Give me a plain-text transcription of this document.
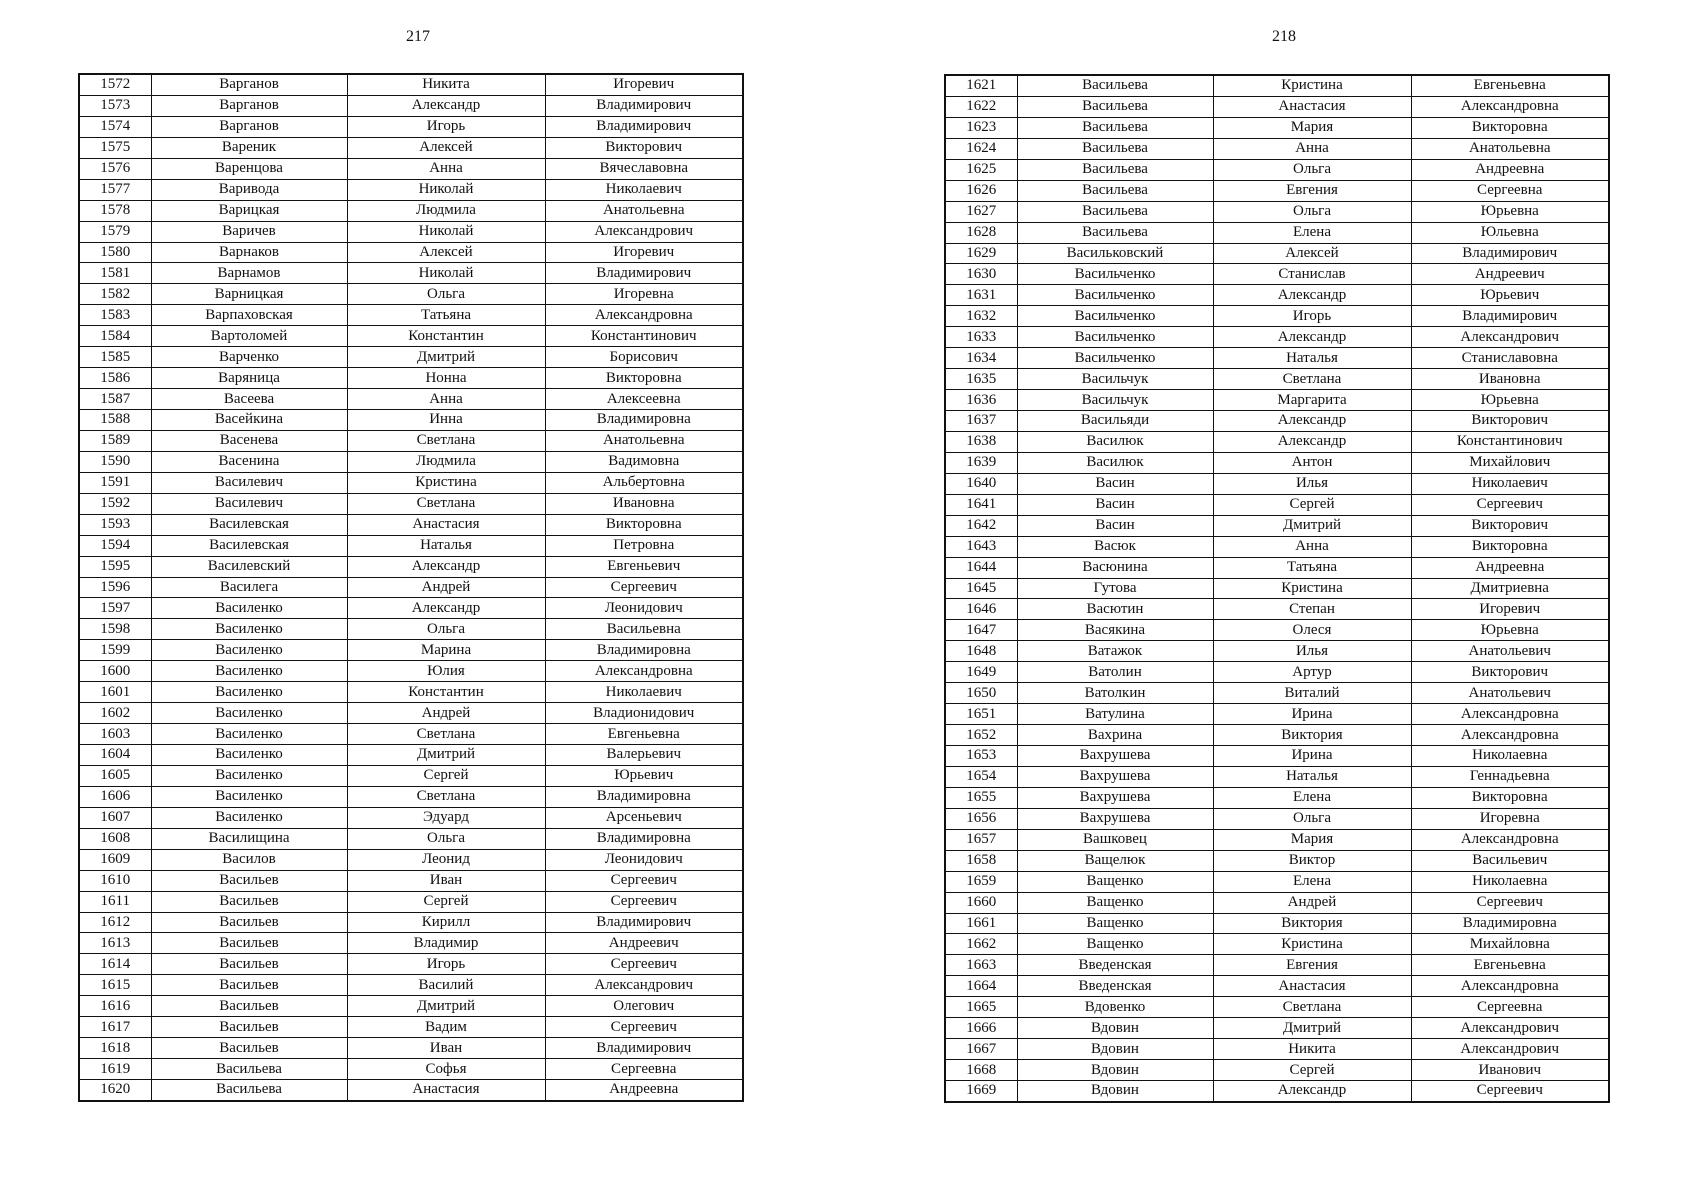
217
1572	Варганов	Никита	Игоревич
1573	Варганов	Александр	Владимирович
1574	Варганов	Игорь	Владимирович
1575	Вареник	Алексей	Викторович
1576	Варенцова	Анна	Вячеславовна
1577	Варивода	Николай	Николаевич
1578	Варицкая	Людмила	Анатольевна
1579	Варичев	Николай	Александрович
1580	Варнаков	Алексей	Игоревич
1581	Варнамов	Николай	Владимирович
1582	Варницкая	Ольга	Игоревна
1583	Варпаховская	Татьяна	Александровна
1584	Вартоломей	Константин	Константинович
1585	Варченко	Дмитрий	Борисович
1586	Варяница	Нонна	Викторовна
1587	Васеева	Анна	Алексеевна
1588	Васейкина	Инна	Владимировна
1589	Васенева	Светлана	Анатольевна
1590	Васенина	Людмила	Вадимовна
1591	Василевич	Кристина	Альбертовна
1592	Василевич	Светлана	Ивановна
1593	Василевская	Анастасия	Викторовна
1594	Василевская	Наталья	Петровна
1595	Василевский	Александр	Евгеньевич
1596	Василега	Андрей	Сергеевич
1597	Василенко	Александр	Леонидович
1598	Василенко	Ольга	Васильевна
1599	Василенко	Марина	Владимировна
1600	Василенко	Юлия	Александровна
1601	Василенко	Константин	Николаевич
1602	Василенко	Андрей	Владионидович
1603	Василенко	Светлана	Евгеньевна
1604	Василенко	Дмитрий	Валерьевич
1605	Василенко	Сергей	Юрьевич
1606	Василенко	Светлана	Владимировна
1607	Василенко	Эдуард	Арсеньевич
1608	Василищина	Ольга	Владимировна
1609	Василов	Леонид	Леонидович
1610	Васильев	Иван	Сергеевич
1611	Васильев	Сергей	Сергеевич
1612	Васильев	Кирилл	Владимирович
1613	Васильев	Владимир	Андреевич
1614	Васильев	Игорь	Сергеевич
1615	Васильев	Василий	Александрович
1616	Васильев	Дмитрий	Олегович
1617	Васильев	Вадим	Сергеевич
1618	Васильев	Иван	Владимирович
1619	Васильева	Софья	Сергеевна
1620	Васильева	Анастасия	Андреевна
218
1621	Васильева	Кристина	Евгеньевна
1622	Васильева	Анастасия	Александровна
1623	Васильева	Мария	Викторовна
1624	Васильева	Анна	Анатольевна
1625	Васильева	Ольга	Андреевна
1626	Васильева	Евгения	Сергеевна
1627	Васильева	Ольга	Юрьевна
1628	Васильева	Елена	Юльевна
1629	Васильковский	Алексей	Владимирович
1630	Васильченко	Станислав	Андреевич
1631	Васильченко	Александр	Юрьевич
1632	Васильченко	Игорь	Владимирович
1633	Васильченко	Александр	Александрович
1634	Васильченко	Наталья	Станиславовна
1635	Васильчук	Светлана	Ивановна
1636	Васильчук	Маргарита	Юрьевна
1637	Васильяди	Александр	Викторович
1638	Василюк	Александр	Константинович
1639	Василюк	Антон	Михайлович
1640	Васин	Илья	Николаевич
1641	Васин	Сергей	Сергеевич
1642	Васин	Дмитрий	Викторович
1643	Васюк	Анна	Викторовна
1644	Васюнина	Татьяна	Андреевна
1645	Гутова	Кристина	Дмитриевна
1646	Васютин	Степан	Игоревич
1647	Васякина	Олеся	Юрьевна
1648	Ватажок	Илья	Анатольевич
1649	Ватолин	Артур	Викторович
1650	Ватолкин	Виталий	Анатольевич
1651	Ватулина	Ирина	Александровна
1652	Вахрина	Виктория	Александровна
1653	Вахрушева	Ирина	Николаевна
1654	Вахрушева	Наталья	Геннадьевна
1655	Вахрушева	Елена	Викторовна
1656	Вахрушева	Ольга	Игоревна
1657	Вашковец	Мария	Александровна
1658	Ващелюк	Виктор	Васильевич
1659	Ващенко	Елена	Николаевна
1660	Ващенко	Андрей	Сергеевич
1661	Ващенко	Виктория	Владимировна
1662	Ващенко	Кристина	Михайловна
1663	Введенская	Евгения	Евгеньевна
1664	Введенская	Анастасия	Александровна
1665	Вдовенко	Светлана	Сергеевна
1666	Вдовин	Дмитрий	Александрович
1667	Вдовин	Никита	Александрович
1668	Вдовин	Сергей	Иванович
1669	Вдовин	Александр	Сергеевич
